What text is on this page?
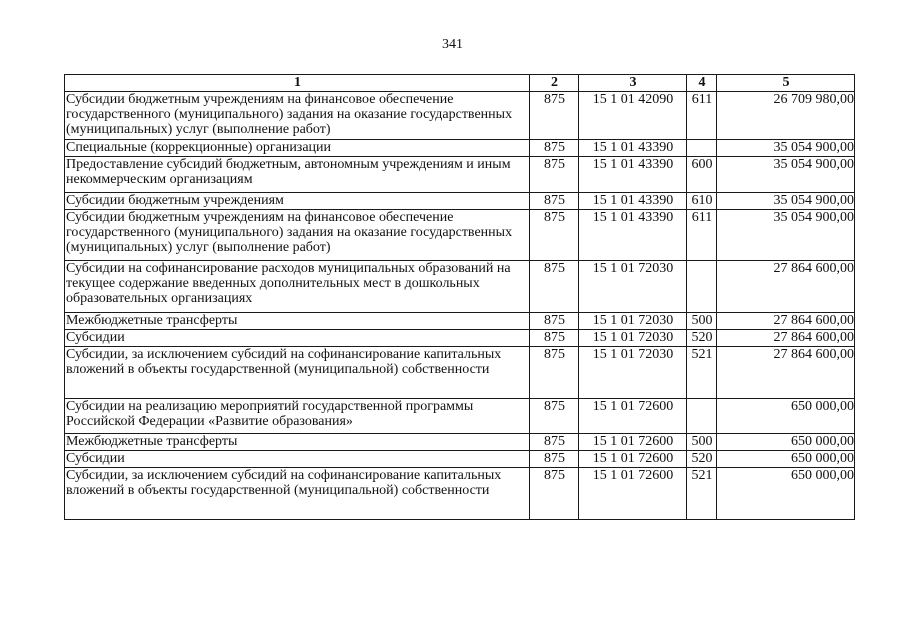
341
1	2	3	4	5
Субсидии бюджетным учреждениям на финансовое обеспечение государственного (муниципального) задания на оказание государственных (муниципальных) услуг (выполнение работ)	875	15 1 01 42090	611	26 709 980,00
Специальные (коррекционные) организации	875	15 1 01 43390		35 054 900,00
Предоставление субсидий бюджетным, автономным учреждениям и иным некоммерческим организациям	875	15 1 01 43390	600	35 054 900,00
Субсидии бюджетным учреждениям	875	15 1 01 43390	610	35 054 900,00
Субсидии бюджетным учреждениям на финансовое обеспечение государственного (муниципального) задания на оказание государственных (муниципальных) услуг (выполнение работ)	875	15 1 01 43390	611	35 054 900,00
Субсидии на софинансирование расходов муниципальных образований на текущее содержание введенных дополнительных мест в дошкольных образовательных организациях	875	15 1 01 72030		27 864 600,00
Межбюджетные трансферты	875	15 1 01 72030	500	27 864 600,00
Субсидии	875	15 1 01 72030	520	27 864 600,00
Субсидии, за исключением субсидий на софинансирование капитальных вложений в объекты государственной (муниципальной) собственности	875	15 1 01 72030	521	27 864 600,00
Субсидии на реализацию мероприятий государственной программы Российской Федерации «Развитие образования»	875	15 1 01 72600		650 000,00
Межбюджетные трансферты	875	15 1 01 72600	500	650 000,00
Субсидии	875	15 1 01 72600	520	650 000,00
Субсидии, за исключением субсидий на софинансирование капитальных вложений в объекты государственной (муниципальной) собственности	875	15 1 01 72600	521	650 000,00
